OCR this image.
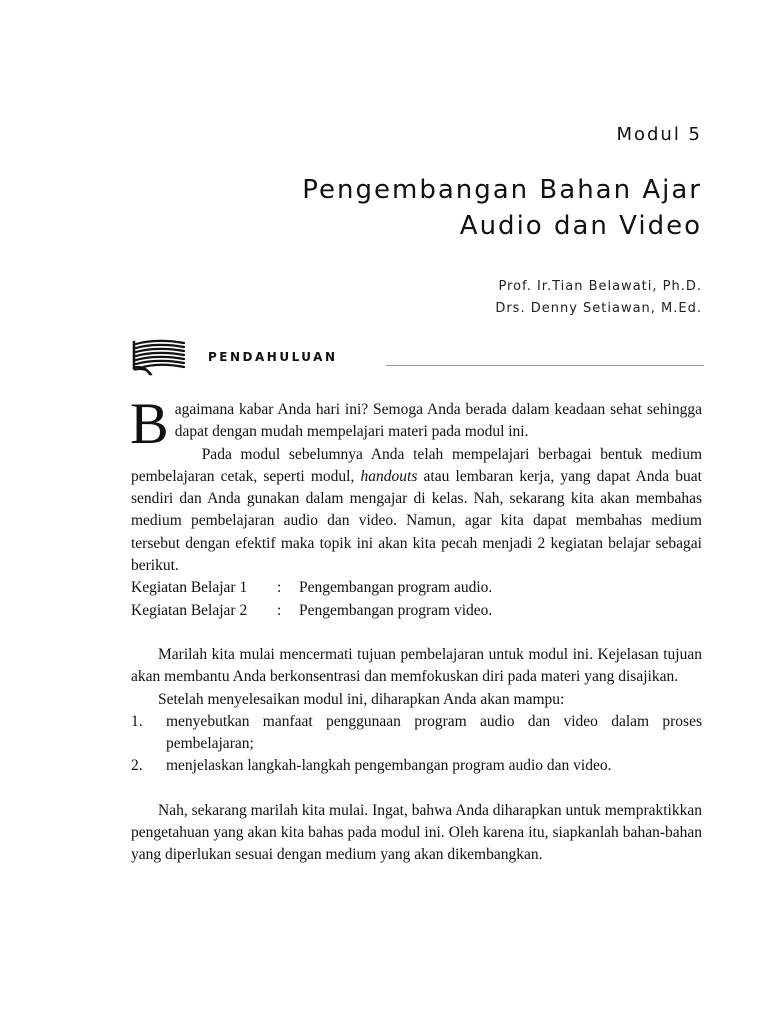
Modul 5
Pengembangan Bahan Ajar
Audio dan Video
Prof. Ir.Tian Belawati, Ph.D.
Drs. Denny Setiawan, M.Ed.
PENDAHULUAN

Bagaimana kabar Anda hari ini? Semoga Anda berada dalam keadaan sehat sehingga dapat dengan mudah mempelajari materi pada modul ini.

Pada modul sebelumnya Anda telah mempelajari berbagai bentuk medium pembelajaran cetak, seperti modul, handouts atau lembaran kerja, yang dapat Anda buat sendiri dan Anda gunakan dalam mengajar di kelas. Nah, sekarang kita akan membahas medium pembelajaran audio dan video. Namun, agar kita dapat membahas medium tersebut dengan efektif maka topik ini akan kita pecah menjadi 2 kegiatan belajar sebagai berikut.

Kegiatan Belajar 1	:	Pengembangan program audio.
Kegiatan Belajar 2	:	Pengembangan program video.

Marilah kita mulai mencermati tujuan pembelajaran untuk modul ini. Kejelasan tujuan akan membantu Anda berkonsentrasi dan memfokuskan diri pada materi yang disajikan.

Setelah menyelesaikan modul ini, diharapkan Anda akan mampu:

1.	menyebutkan manfaat penggunaan program audio dan video dalam proses pembelajaran;
2.	menjelaskan langkah-langkah pengembangan program audio dan video.

Nah, sekarang marilah kita mulai. Ingat, bahwa Anda diharapkan untuk mempraktikkan pengetahuan yang akan kita bahas pada modul ini. Oleh karena itu, siapkanlah bahan-bahan yang diperlukan sesuai dengan medium yang akan dikembangkan.
